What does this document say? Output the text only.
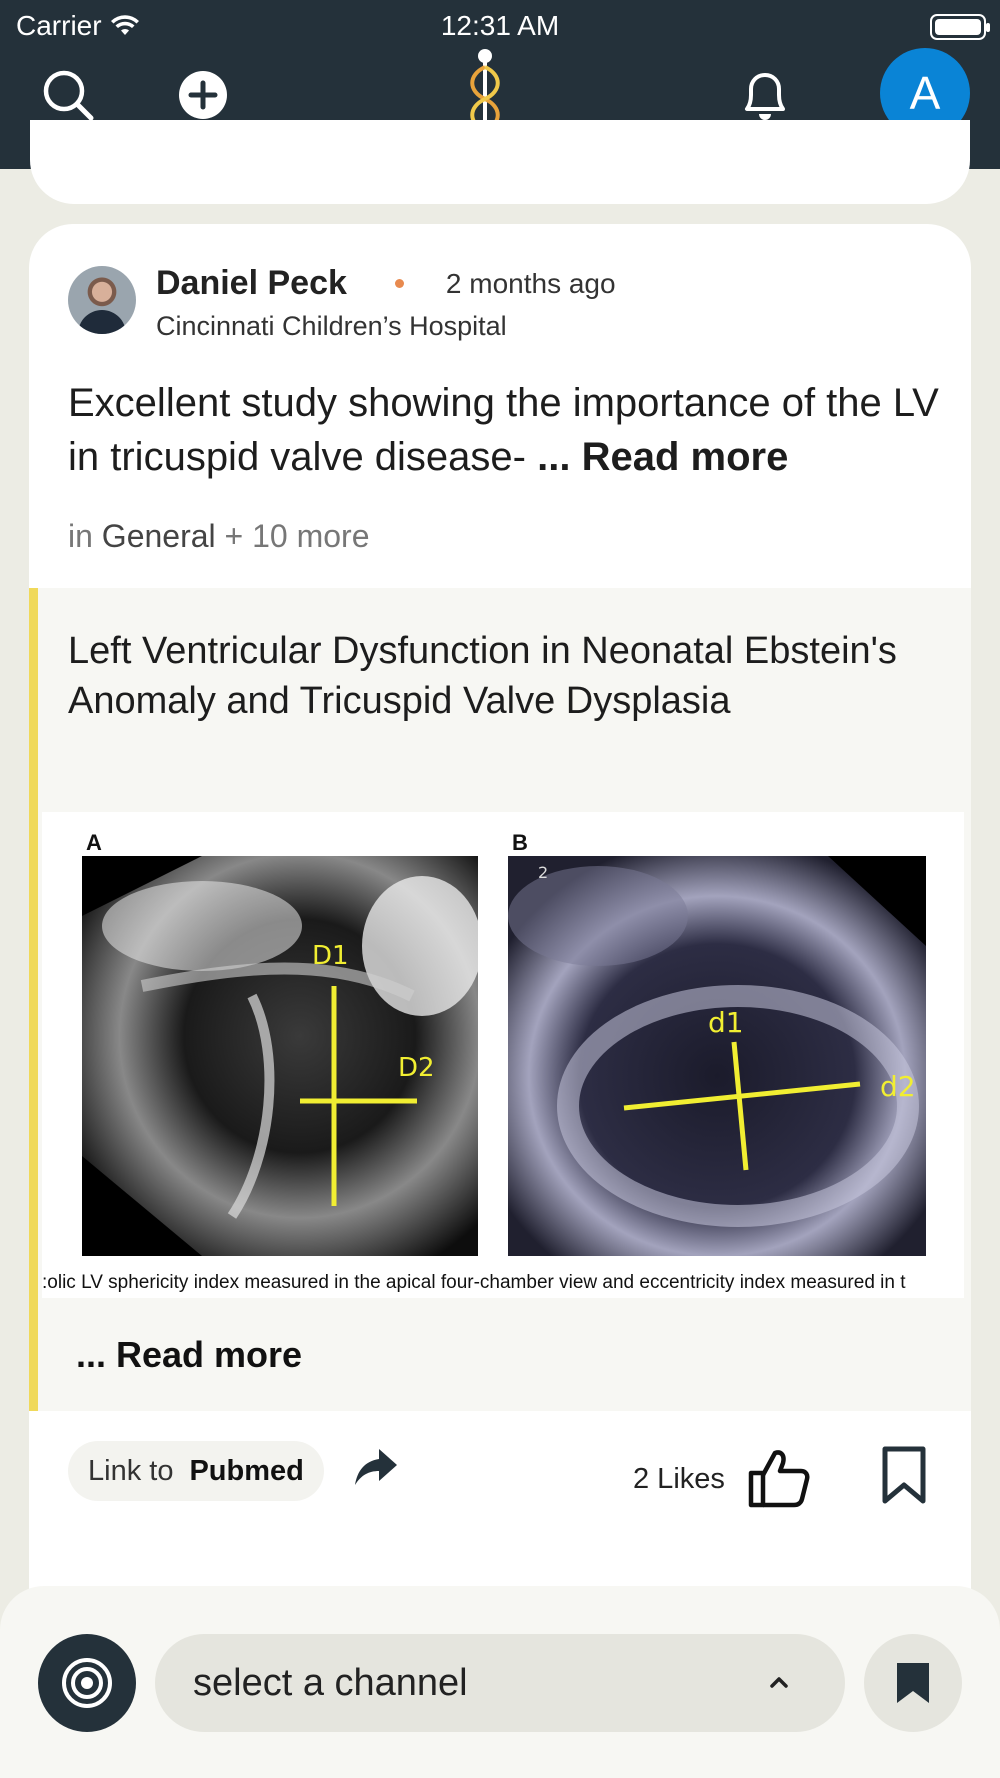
Carrier	12:31 AM
A
Daniel Peck	2 months ago
Cincinnati Children’s Hospital
Excellent study showing the importance of the LV in tricuspid valve disease- ... Read more
in General + 10 more
Left Ventricular Dysfunction in Neonatal Ebstein's Anomaly and Tricuspid Valve Dysplasia
A	B
D1
D2
d1
d2
2
:olic LV sphericity index measured in the apical four-chamber view and eccentricity index measured in t
... Read more
Link to Pubmed	2 Likes
select a channel
